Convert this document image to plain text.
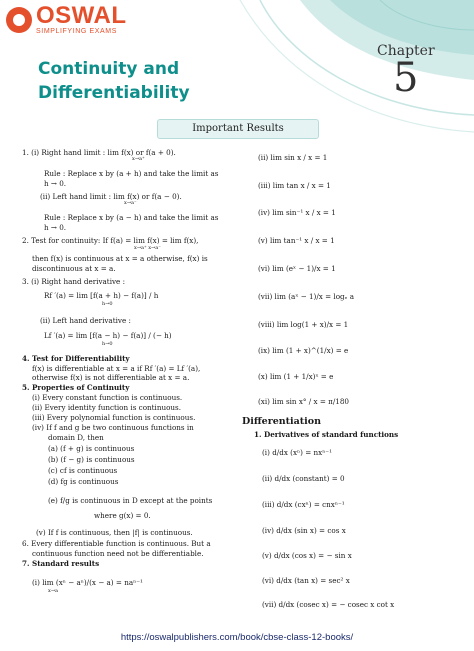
OSWAL
SIMPLIFYING EXAMS
Continuity and
Differentiability
Chapter
5
Important Results
1. (i) Right hand limit : lim f(x) or f(a + 0).
x→a⁺
Rule : Replace x by (a + h) and take the limit as
h → 0.
(ii) Left hand limit : lim f(x) or f(a − 0).
x→a⁻
Rule : Replace x by (a − h) and take the limit as
h → 0.
2. Test for continuity: If f(a) = lim f(x) = lim f(x),
x→a⁺ x→a⁻
then f(x) is continuous at x = a otherwise, f(x) is
discontinuous at x = a.
3. (i) Right hand derivative :
Rf ′(a) = lim [f(a + h) − f(a)] / h
h→0
(ii) Left hand derivative :
Lf ′(a) = lim [f(a − h) − f(a)] / (− h)
h→0
4. Test for Differentiability
f(x) is differentiable at x = a if Rf ′(a) = Lf ′(a),
otherwise f(x) is not differentiable at x = a.
5. Properties of Continuity
(i) Every constant function is continuous.
(ii) Every identity function is continuous.
(iii) Every polynomial function is continuous.
(iv) If f and g be two continuous functions in
domain D, then
(a) (f + g) is continuous
(b) (f − g) is continuous
(c) cf is continuous
(d) fg is continuous
(e) f/g is continuous in D except at the points
where g(x) = 0.
(v) If f is continuous, then |f| is continuous.
6. Every differentiable function is continuous. But a
continuous function need not be differentiable.
7. Standard results
(i) lim (xⁿ − aⁿ)/(x − a) = naⁿ⁻¹
x→a
(ii) lim sin x / x = 1
(iii) lim tan x / x = 1
(iv) lim sin⁻¹ x / x = 1
(v) lim tan⁻¹ x / x = 1
(vi) lim (eˣ − 1)/x = 1
(vii) lim (aˣ − 1)/x = logₑ a
(viii) lim log(1 + x)/x = 1
(ix) lim (1 + x)^(1/x) = e
(x) lim (1 + 1/x)ˣ = e
(xi) lim sin x° / x = π/180
Differentiation
1. Derivatives of standard functions
(i) d/dx (xⁿ) = nxⁿ⁻¹
(ii) d/dx (constant) = 0
(iii) d/dx (cxⁿ) = cnxⁿ⁻¹
(iv) d/dx (sin x) = cos x
(v) d/dx (cos x) = − sin x
(vi) d/dx (tan x) = sec² x
(vii) d/dx (cosec x) = − cosec x cot x
https://oswalpublishers.com/book/cbse-class-12-books/
